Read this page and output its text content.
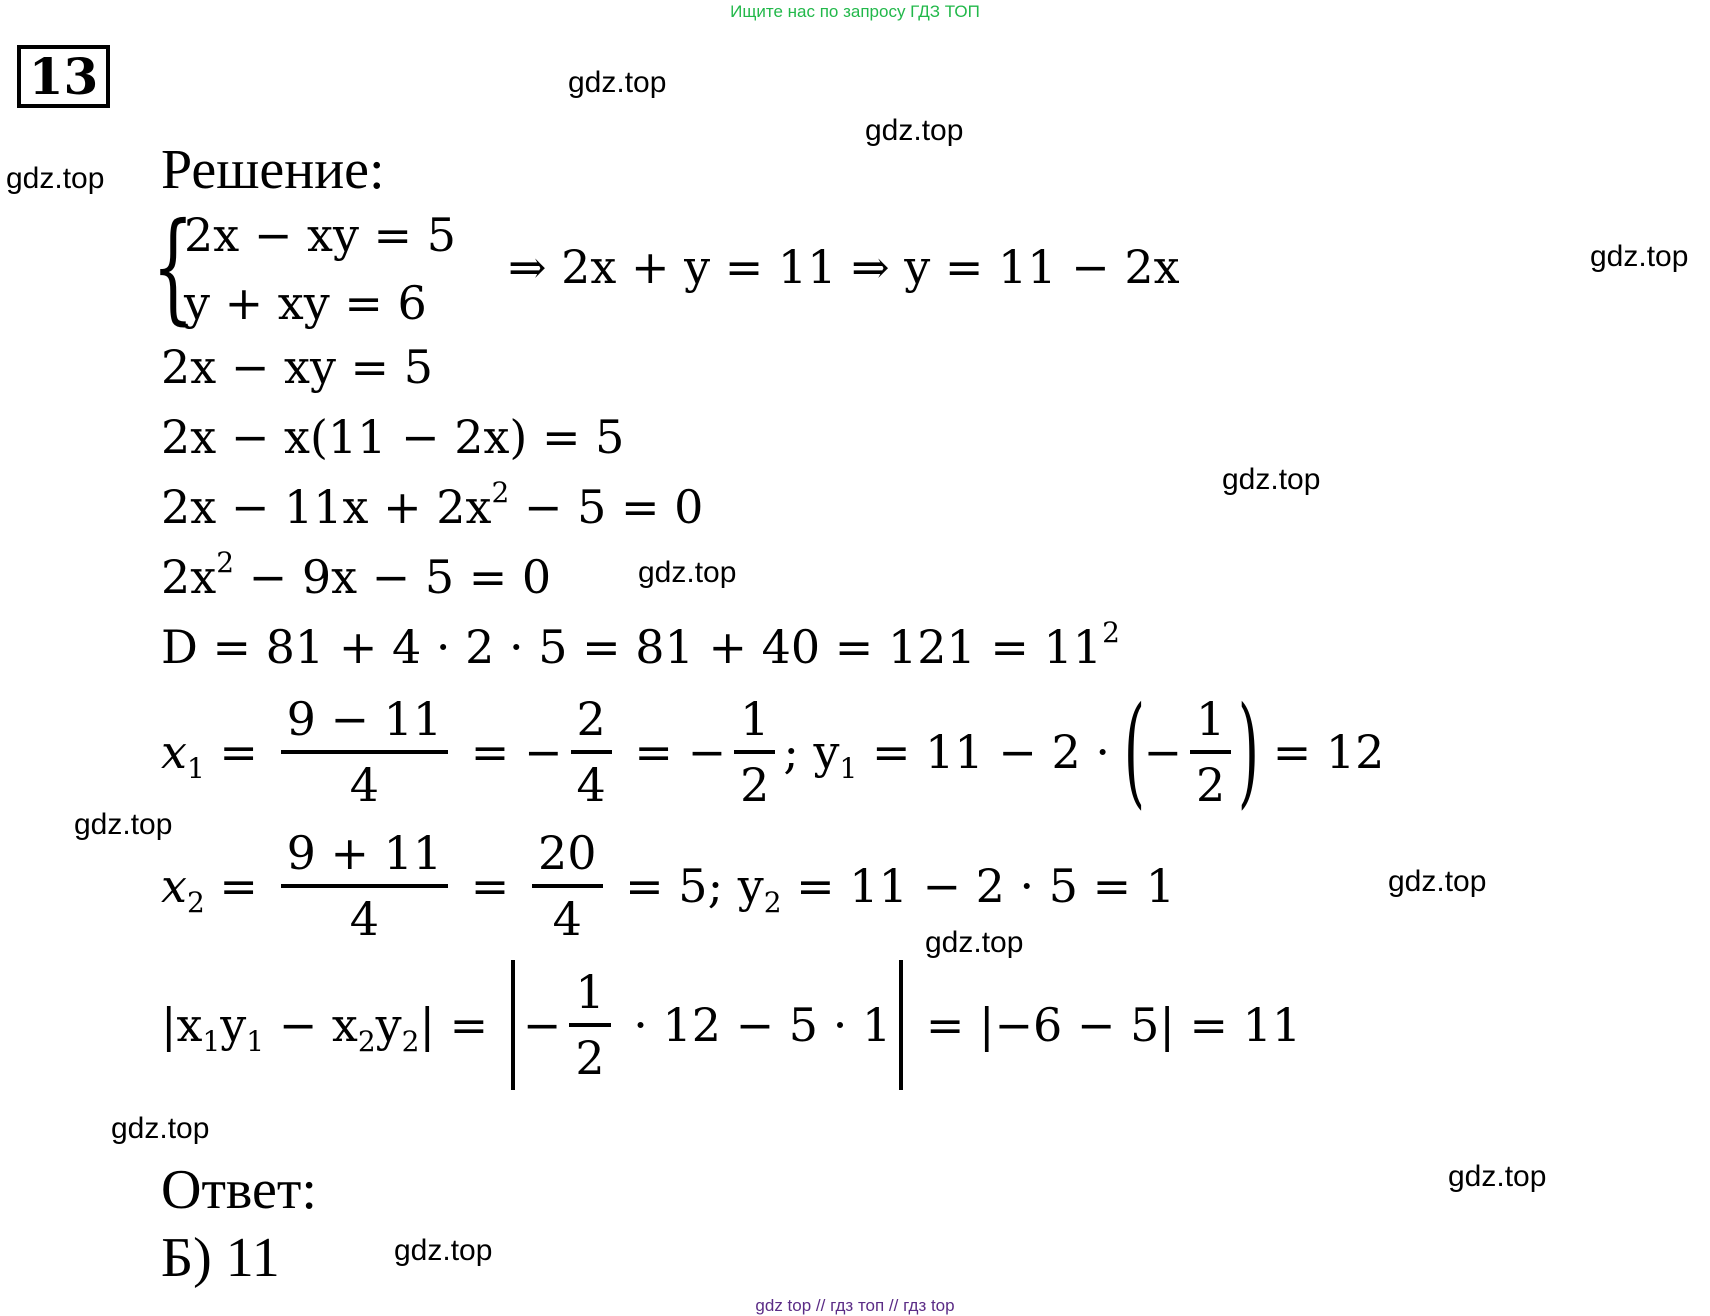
Ищите нас по запросу ГДЗ ТОП
13	gdz.top
gdz.top
gdz.top
gdz.top
gdz.top
gdz.top
gdz.top
gdz.top
gdz.top
gdz.top
gdz.top
gdz.top
Решение:
{
2x − xy = 5
y + xy = 6
⇒ 2x + y = 11 ⇒ y = 11 − 2x
2x − xy = 5
2x − x(11 − 2x) = 5
$2x - 11x + 2x^2 - 5 = 0$
$2x^2 - 9x - 5 = 0$
$D = 81 + 4 \cdot 2 \cdot 5 = 81 + 40 = 121 = 11^2$
$x_1 = \frac{9 - 11}{4}$ = − $\frac{2}{4}$ = − $\frac{1}{2}$ ; $y_1 = 11 - 2$ ·
(
− $\frac{1}{2}$ )
= 12
$x_2 = \frac{9 + 11}{4} = \frac{20}{4} = 5$; $y_2 = 11 - 2 \cdot 5 = 1$
$|x_1y_1 - x_2y_2|$ = − $\frac{1}{2} \cdot 12 - 5 \cdot 1 = |-6 - 5| = 11$
Ответ:
Б) 11
gdz top // гдз топ // гдз top
